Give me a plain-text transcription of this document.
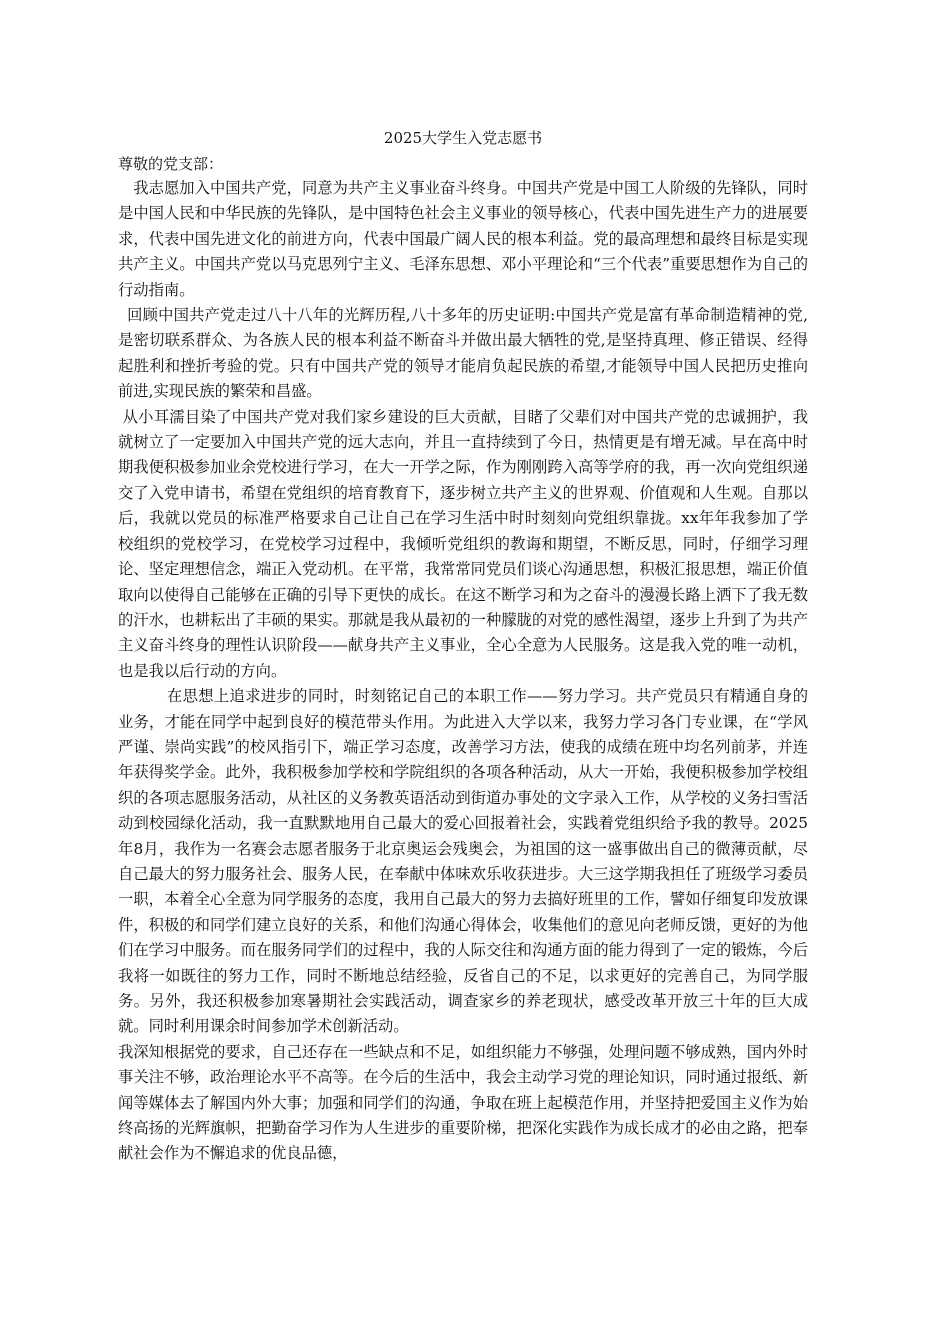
2025大学生入党志愿书

尊敬的党支部：

我志愿加入中国共产党，同意为共产主义事业奋斗终身。中国共产党是中国工人阶级的先锋队，同时是中国人民和中华民族的先锋队，是中国特色社会主义事业的领导核心，代表中国先进生产力的进展要求，代表中国先进文化的前进方向，代表中国最广阔人民的根本利益。党的最高理想和最终目标是实现共产主义。中国共产党以马克思列宁主义、毛泽东思想、邓小平理论和“三个代表”重要思想作为自己的行动指南。

回顾中国共产党走过八十八年的光辉历程,八十多年的历史证明:中国共产党是富有革命制造精神的党,是密切联系群众、为各族人民的根本利益不断奋斗并做出最大牺牲的党,是坚持真理、修正错误、经得起胜利和挫折考验的党。只有中国共产党的领导才能肩负起民族的希望,才能领导中国人民把历史推向前进,实现民族的繁荣和昌盛。

从小耳濡目染了中国共产党对我们家乡建设的巨大贡献，目睹了父辈们对中国共产党的忠诚拥护，我就树立了一定要加入中国共产党的远大志向，并且一直持续到了今日，热情更是有增无减。早在高中时期我便积极参加业余党校进行学习，在大一开学之际，作为刚刚跨入高等学府的我，再一次向党组织递交了入党申请书，希望在党组织的培育教育下，逐步树立共产主义的世界观、价值观和人生观。自那以后，我就以党员的标准严格要求自己让自己在学习生活中时时刻刻向党组织靠拢。xx年年我参加了学校组织的党校学习，在党校学习过程中，我倾听党组织的教诲和期望，不断反思，同时，仔细学习理论、坚定理想信念，端正入党动机。在平常，我常常同党员们谈心沟通思想，积极汇报思想，端正价值取向以使得自己能够在正确的引导下更快的成长。在这不断学习和为之奋斗的漫漫长路上洒下了我无数的汗水，也耕耘出了丰硕的果实。那就是我从最初的一种朦胧的对党的感性渴望，逐步上升到了为共产主义奋斗终身的理性认识阶段——献身共产主义事业，全心全意为人民服务。这是我入党的唯一动机，也是我以后行动的方向。

在思想上追求进步的同时，时刻铭记自己的本职工作——努力学习。共产党员只有精通自身的业务，才能在同学中起到良好的模范带头作用。为此进入大学以来，我努力学习各门专业课，在“学风严谨、崇尚实践”的校风指引下，端正学习态度，改善学习方法，使我的成绩在班中均名列前茅，并连年获得奖学金。此外，我积极参加学校和学院组织的各项各种活动，从大一开始，我便积极参加学校组织的各项志愿服务活动，从社区的义务教英语活动到街道办事处的文字录入工作，从学校的义务扫雪活动到校园绿化活动，我一直默默地用自己最大的爱心回报着社会，实践着党组织给予我的教导。2025年8月，我作为一名赛会志愿者服务于北京奥运会残奥会，为祖国的这一盛事做出自己的微薄贡献，尽自己最大的努力服务社会、服务人民，在奉献中体味欢乐收获进步。大三这学期我担任了班级学习委员一职，本着全心全意为同学服务的态度，我用自己最大的努力去搞好班里的工作，譬如仔细复印发放课件，积极的和同学们建立良好的关系，和他们沟通心得体会，收集他们的意见向老师反馈，更好的为他们在学习中服务。而在服务同学们的过程中，我的人际交往和沟通方面的能力得到了一定的锻炼，今后我将一如既往的努力工作，同时不断地总结经验，反省自己的不足，以求更好的完善自己，为同学服务。另外，我还积极参加寒暑期社会实践活动，调查家乡的养老现状，感受改革开放三十年的巨大成就。同时利用课余时间参加学术创新活动。

我深知根据党的要求，自己还存在一些缺点和不足，如组织能力不够强，处理问题不够成熟，国内外时事关注不够，政治理论水平不高等。在今后的生活中，我会主动学习党的理论知识，同时通过报纸、新闻等媒体去了解国内外大事；加强和同学们的沟通，争取在班上起模范作用，并坚持把爱国主义作为始终高扬的光辉旗帜，把勤奋学习作为人生进步的重要阶梯，把深化实践作为成长成才的必由之路，把奉献社会作为不懈追求的优良品德，
